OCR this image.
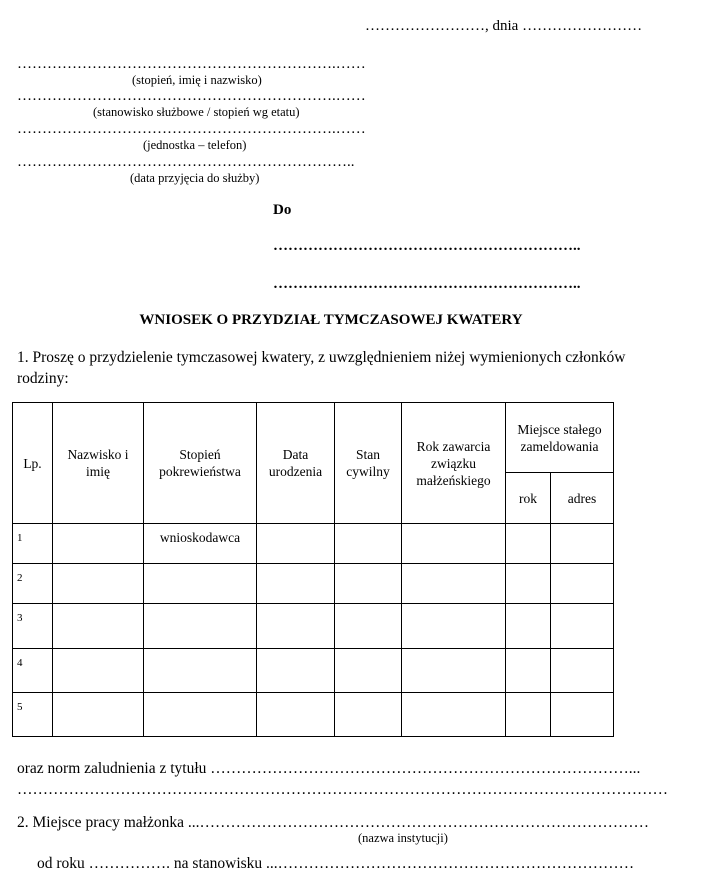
……………………, dnia ……………………
……………………………………………………….……
(stopień, imię i nazwisko)
……………………………………………………….……
(stanowisko służbowe / stopień wg etatu)
……………………………………………………….……
(jednostka – telefon)
…………………………………………………………..
(data przyjęcia do służby)
Do
……………………………………………………..
……………………………………………………..
WNIOSEK O PRZYDZIAŁ TYMCZASOWEJ KWATERY
1. Proszę o przydzielenie tymczasowej kwatery, z uwzględnieniem niżej wymienionych członków rodziny:
Lp.	Nazwisko i imię	Stopień pokrewieństwa	Data urodzenia	Stan cywilny	Rok zawarcia związku małżeńskiego	Miejsce stałego zameldowania	

						rok	adres
1		wnioskodawca					
2							
3							
4							
5							
oraz norm zaludnienia z tytułu ………………………………………………………………………...
………………………………………………………………………………………………………………
2. Miejsce pracy małżonka ...……………………………………………………………………………
(nazwa instytucji)
od roku ……………. na stanowisku ...……………………………………………………………
